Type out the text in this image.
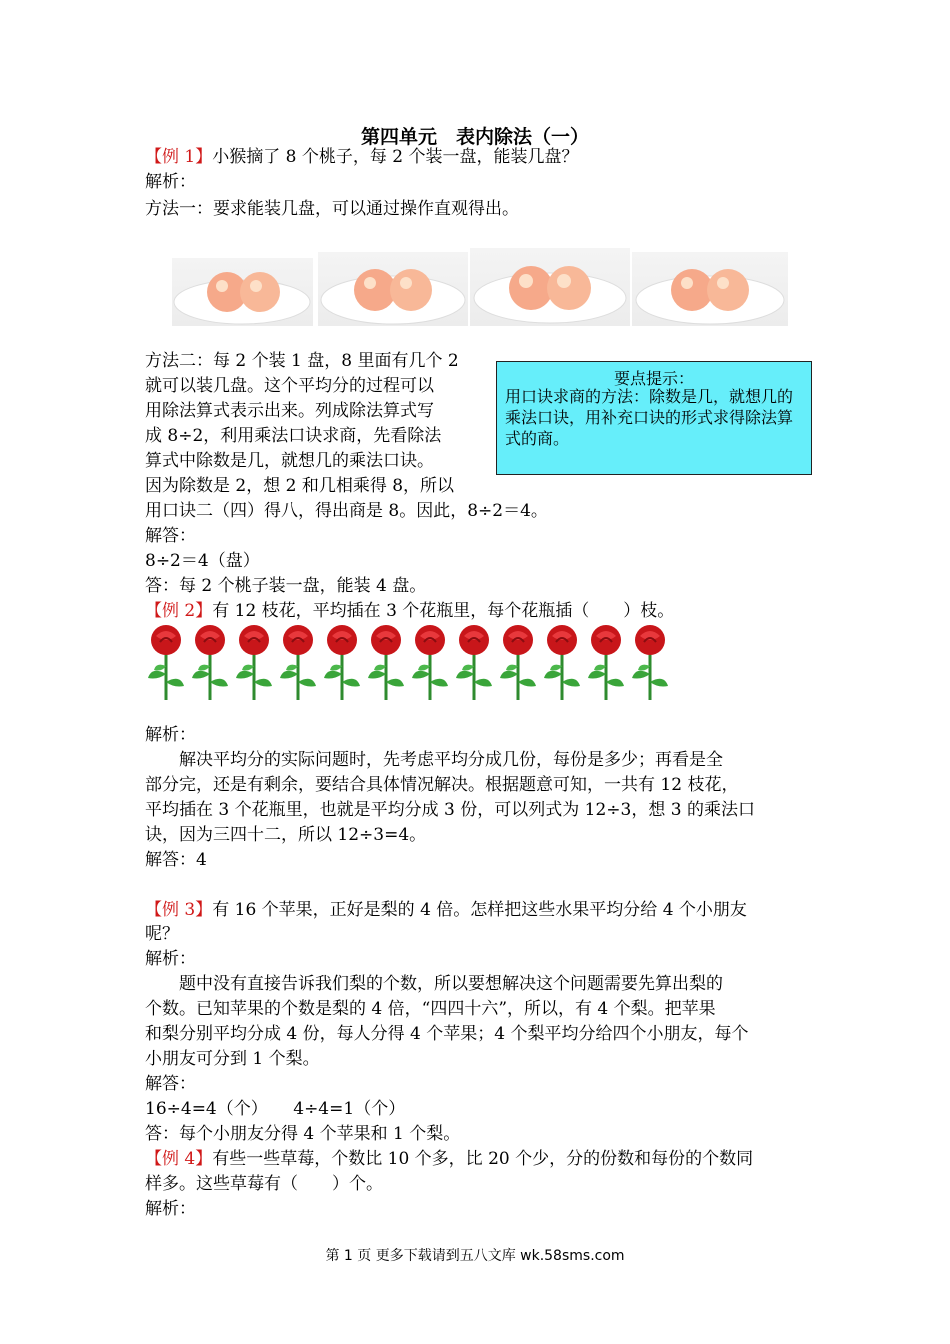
第四单元　表内除法（一）
【例 1】小猴摘了 8 个桃子，每 2 个装一盘，能装几盘？
解析：
方法一：要求能装几盘，可以通过操作直观得出。
方法二：每 2 个装 1 盘，8 里面有几个 2
就可以装几盘。这个平均分的过程可以
用除法算式表示出来。列成除法算式写
成 8÷2，利用乘法口诀求商，先看除法
算式中除数是几，就想几的乘法口诀。
因为除数是 2，想 2 和几相乘得 8，所以
用口诀二（四）得八，得出商是 8。因此，8÷2＝4。
要点提示：
用口诀求商的方法：除数是几，就想几的乘法口诀，用补充口诀的形式求得除法算式的商。
解答：
8÷2＝4（盘）
答：每 2 个桃子装一盘，能装 4 盘。
【例 2】有 12 枝花，平均插在 3 个花瓶里，每个花瓶插（　　）枝。
解析：
　　解决平均分的实际问题时，先考虑平均分成几份，每份是多少；再看是全
部分完，还是有剩余，要结合具体情况解决。根据题意可知，一共有 12 枝花，
平均插在 3 个花瓶里，也就是平均分成 3 份，可以列式为 12÷3，想 3 的乘法口
诀，因为三四十二，所以 12÷3=4。
解答：4
【例 3】有 16 个苹果，正好是梨的 4 倍。怎样把这些水果平均分给 4 个小朋友
呢？
解析：
　　题中没有直接告诉我们梨的个数，所以要想解决这个问题需要先算出梨的
个数。已知苹果的个数是梨的 4 倍，“四四十六”，所以，有 4 个梨。把苹果
和梨分别平均分成 4 份，每人分得 4 个苹果；4 个梨平均分给四个小朋友，每个
小朋友可分到 1 个梨。
解答：
16÷4=4（个）　　4÷4=1（个）
答：每个小朋友分得 4 个苹果和 1 个梨。
【例 4】有些一些草莓，个数比 10 个多，比 20 个少，分的份数和每份的个数同
样多。这些草莓有（　　）个。
解析：
第 1 页 更多下载请到五八文库 wk.58sms.com
